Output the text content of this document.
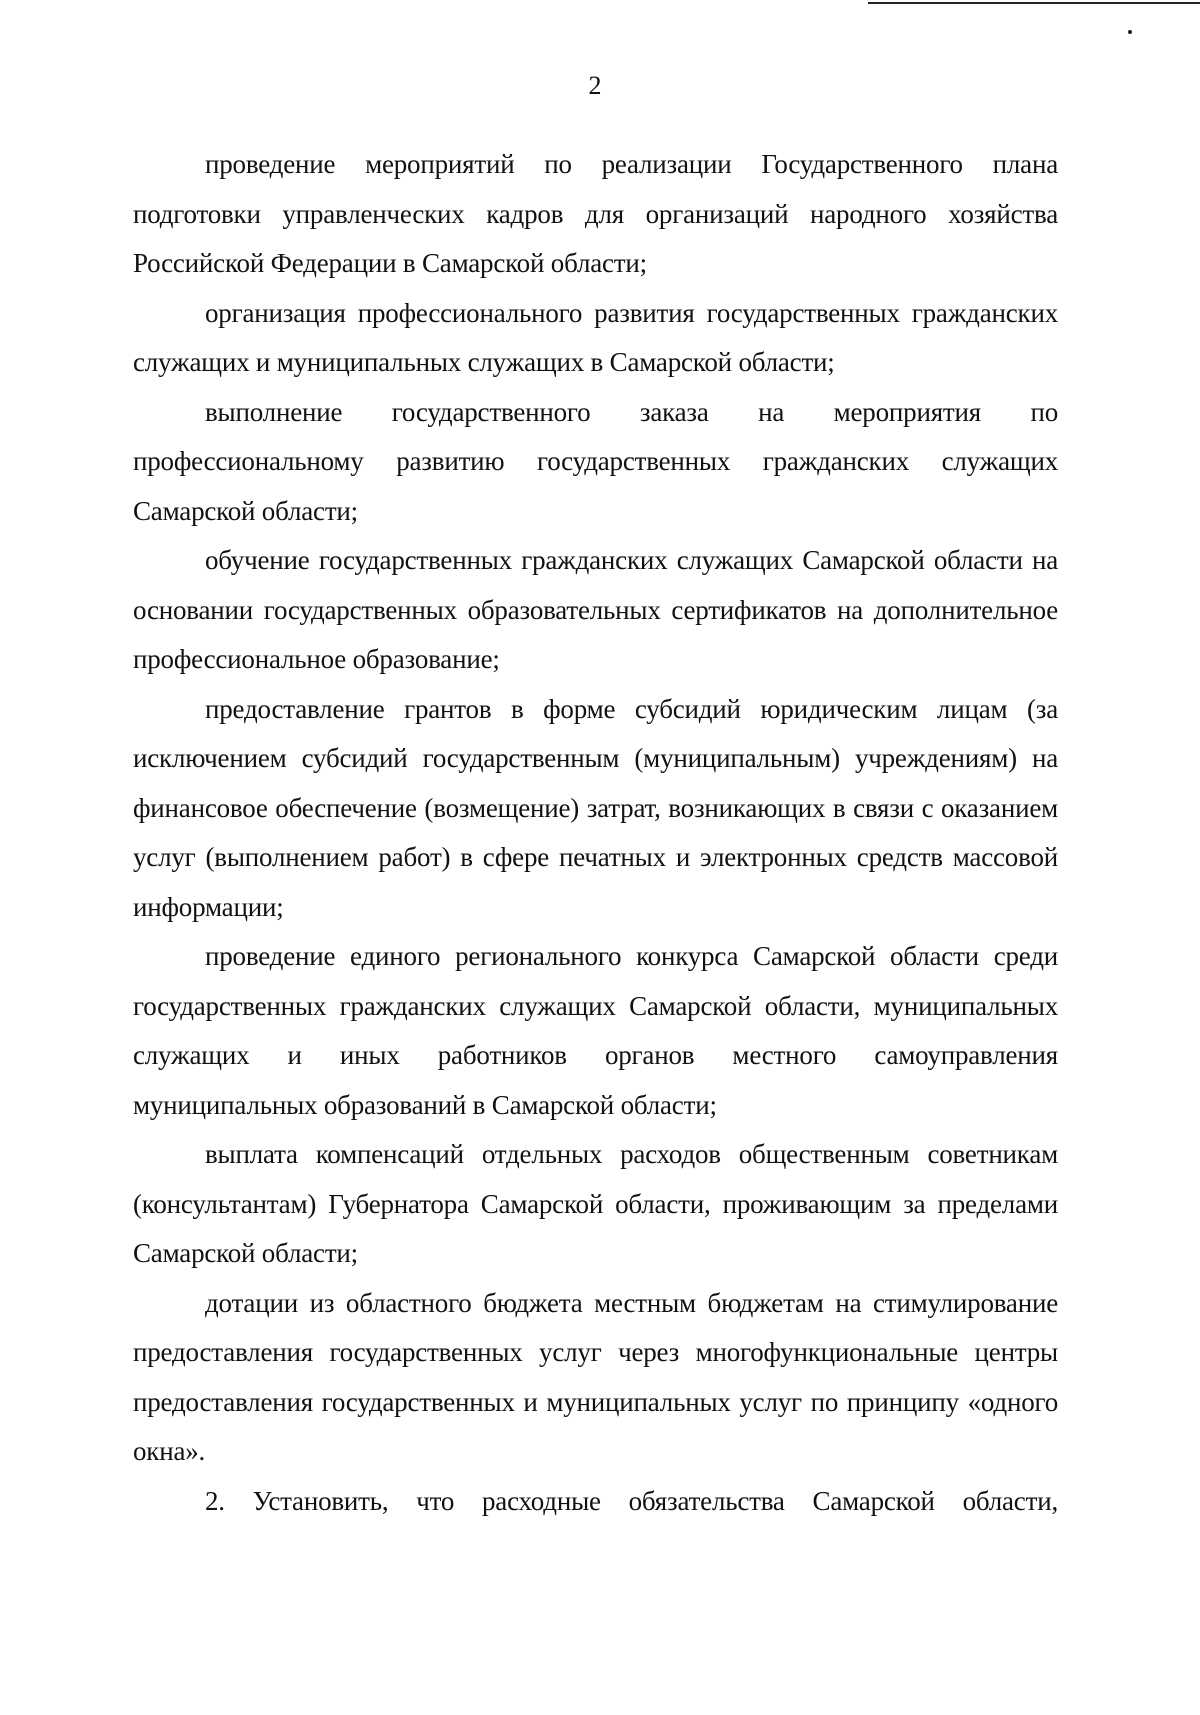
2

проведение мероприятий по реализации Государственного плана подготовки управленческих кадров для организаций народного хозяйства Российской Федерации в Самарской области;

организация профессионального развития государственных гражданских служащих и муниципальных служащих в Самарской области;

выполнение государственного заказа на мероприятия по профессиональному развитию государственных гражданских служащих Самарской области;

обучение государственных гражданских служащих Самарской области на основании государственных образовательных сертификатов на дополнительное профессиональное образование;

предоставление грантов в форме субсидий юридическим лицам (за исключением субсидий государственным (муниципальным) учреждениям) на финансовое обеспечение (возмещение) затрат, возникающих в связи с оказанием услуг (выполнением работ) в сфере печатных и электронных средств массовой информации;

проведение единого регионального конкурса Самарской области среди государственных гражданских служащих Самарской области, муниципальных служащих и иных работников органов местного самоуправления муниципальных образований в Самарской области;

выплата компенсаций отдельных расходов общественным советникам (консультантам) Губернатора Самарской области, проживающим за пределами Самарской области;

дотации из областного бюджета местным бюджетам на стимулирование предоставления государственных услуг через многофункциональные центры предоставления государственных и муниципальных услуг по принципу «одного окна».

2. Установить, что расходные обязательства Самарской области,
